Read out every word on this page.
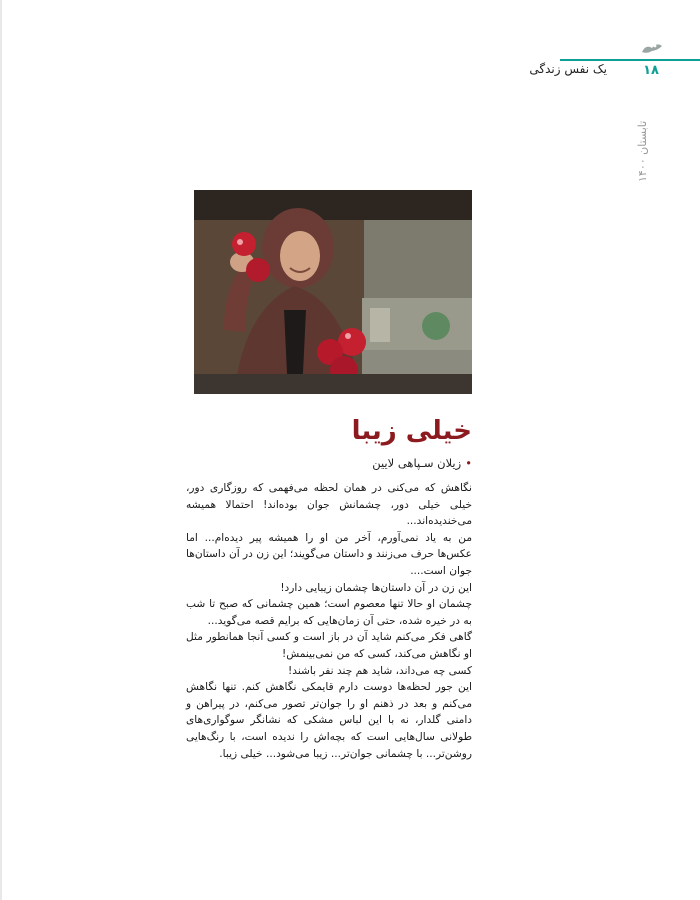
یک نفس زندگی	۱۸
تابستان ۱۴۰۰
خیلی زیبا
•زیلان سـپاهی لایین

نگاهش که می‌کنی در همان لحظه می‌فهمی که روزگاری دور، خیلی خیلی دور، چشمانش جوان بوده‌اند! احتمالا همیشه می‌خندیده‌اند...

من به یاد نمی‌آورم، آخر من او را همیشه پیر دیده‌ام... اما عکس‌ها حرف می‌زنند و داستان می‌گویند؛ این زن در آن داستان‌ها جوان است....

این زن در آن داستان‌ها چشمان زیبایی دارد!

چشمان او حالا تنها معصوم است؛ همین چشمانی که صبح تا شب به در خیره شده، حتی آن زمان‌هایی که برایم قصه می‌گوید...

گاهی فکر می‌کنم شاید آن در باز است و کسی آنجا همانطور مثل او نگاهش می‌کند، کسی که من نمی‌بینمش!

کسی چه می‌داند، شاید هم چند نفر باشند!

این جور لحظه‌ها دوست دارم قایمکی نگاهش کنم. تنها نگاهش می‌کنم و بعد در ذهنم او را جوان‌تر تصور می‌کنم، در پیراهن و دامنی گلدار، نه با این لباس مشکی که نشانگر سوگواری‌های طولانی سال‌هایی است که بچه‌اش را ندیده است، با رنگ‌هایی روشن‌تر... با چشمانی جوان‌تر... زیبا می‌شود... خیلی زیبا.
